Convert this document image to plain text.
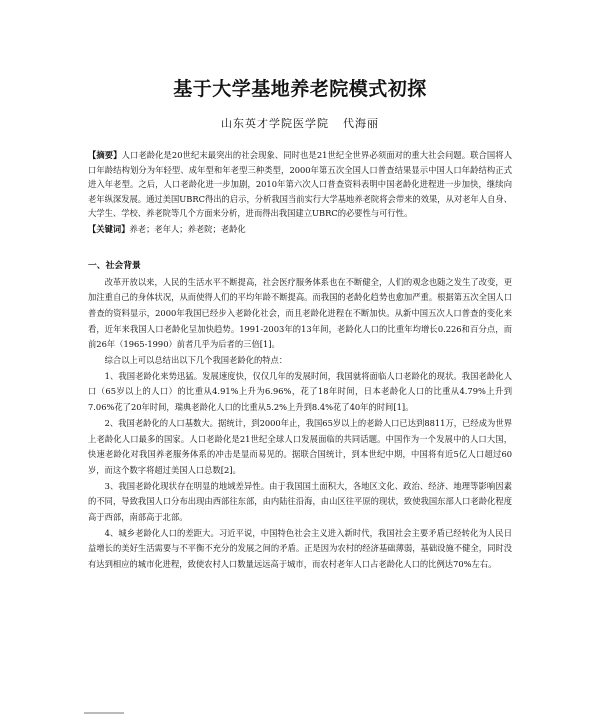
基于大学基地养老院模式初探
山东英才学院医学院 代海丽
【摘要】人口老龄化是20世纪末最突出的社会现象、同时也是21世纪全世界必须面对的重大社会问题。联合国将人口年龄结构划分为年轻型、成年型和年老型三种类型，2000年第五次全国人口普查结果显示中国人口年龄结构正式进入年老型。之后，人口老龄化进一步加剧，2010年第六次人口普查资料表明中国老龄化进程进一步加快，继续向老年纵深发展。通过美国UBRC得出的启示，分析我国当前实行大学基地养老院将会带来的效果，从对老年人自身、大学生、学校、养老院等几个方面来分析，进而得出我国建立UBRC的必要性与可行性。
【关键词】养老；老年人；养老院；老龄化
一、社会背景

改革开放以来，人民的生活水平不断提高，社会医疗服务体系也在不断健全，人们的观念也随之发生了改变，更加注重自己的身体状况，从而使得人们的平均年龄不断提高。而我国的老龄化趋势也愈加严重。根据第五次全国人口普查的资料显示，2000年我国已经步入老龄化社会，而且老龄化进程在不断加快。从新中国五次人口普查的变化来看，近年来我国人口老龄化呈加快趋势。1991-2003年的13年间，老龄化人口的比重年均增长0.226和百分点，而前26年（1965-1990）前者几乎为后者的三倍[1]。

综合以上可以总结出以下几个我国老龄化的特点：

1、我国老龄化来势迅猛。发展速度快，仅仅几年的发展时间，我国就将面临人口老龄化的现状。我国老龄化人口（65岁以上的人口）的比重从4.91%上升为6.96%，花了18年时间，日本老龄化人口的比重从4.79%上升到7.06%花了20年时间，瑞典老龄化人口的比重从5.2%上升到8.4%花了40年的时间[1]。

2、我国老龄化的人口基数大。据统计，到2000年止，我国65岁以上的老龄人口已达到8811万，已经成为世界上老龄化人口最多的国家。人口老龄化是21世纪全球人口发展面临的共同话题。中国作为一个发展中的人口大国，快速老龄化对我国养老服务体系的冲击是显而易见的。据联合国统计，到本世纪中期，中国将有近5亿人口超过60岁，而这个数字将超过美国人口总数[2]。

3、我国老龄化现状存在明显的地域差异性。由于我国国土面积大，各地区文化、政治、经济、地理等影响因素的不同，导致我国人口分布出现由西部往东部，由内陆往沿海，由山区往平原的现状，致使我国东部人口老龄化程度高于西部，南部高于北部。

4、城乡老龄化人口的差距大。习近平说，中国特色社会主义进入新时代，我国社会主要矛盾已经转化为人民日益增长的美好生活需要与不平衡不充分的发展之间的矛盾。正是因为农村的经济基础薄弱，基础设施不健全，同时没有达到相应的城市化进程，致使农村人口数量远远高于城市，而农村老年人口占老龄化人口的比例达70%左右。
